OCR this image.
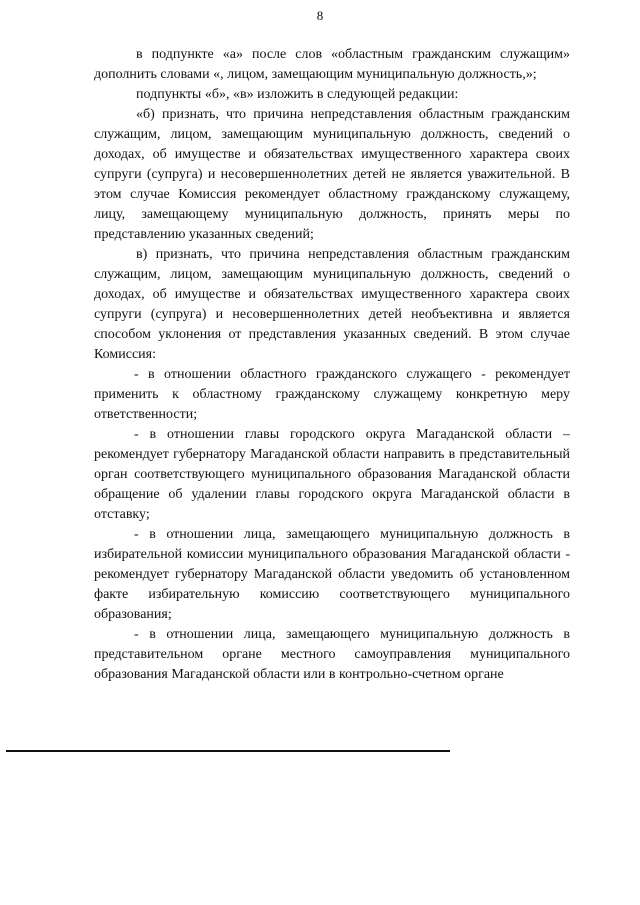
8

в подпункте «а» после слов «областным гражданским служащим» дополнить словами «, лицом, замещающим муниципальную должность,»;

подпункты «б», «в» изложить в следующей редакции:

«б) признать, что причина непредставления областным гражданским служащим, лицом, замещающим муниципальную должность, сведений о доходах, об имуществе и обязательствах имущественного характера своих супруги (супруга) и несовершеннолетних детей не является уважительной. В этом случае Комиссия рекомендует областному гражданскому служащему, лицу, замещающему муниципальную должность, принять меры по представлению указанных сведений;

в) признать, что причина непредставления областным гражданским служащим, лицом, замещающим муниципальную должность, сведений о доходах, об имуществе и обязательствах имущественного характера своих супруги (супруга) и несовершеннолетних детей необъективна и является способом уклонения от представления указанных сведений. В этом случае Комиссия:

- в отношении областного гражданского служащего - рекомендует применить к областному гражданскому служащему конкретную меру ответственности;

- в отношении главы городского округа Магаданской области – рекомендует губернатору Магаданской области направить в представительный орган соответствующего муниципального образования Магаданской области обращение об удалении главы городского округа Магаданской области в отставку;

- в отношении лица, замещающего муниципальную должность в избирательной комиссии муниципального образования Магаданской области - рекомендует губернатору Магаданской области уведомить об установленном факте избирательную комиссию соответствующего муниципального образования;

- в отношении лица, замещающего муниципальную должность в представительном органе местного самоуправления муниципального образования Магаданской области или в контрольно-счетном органе
